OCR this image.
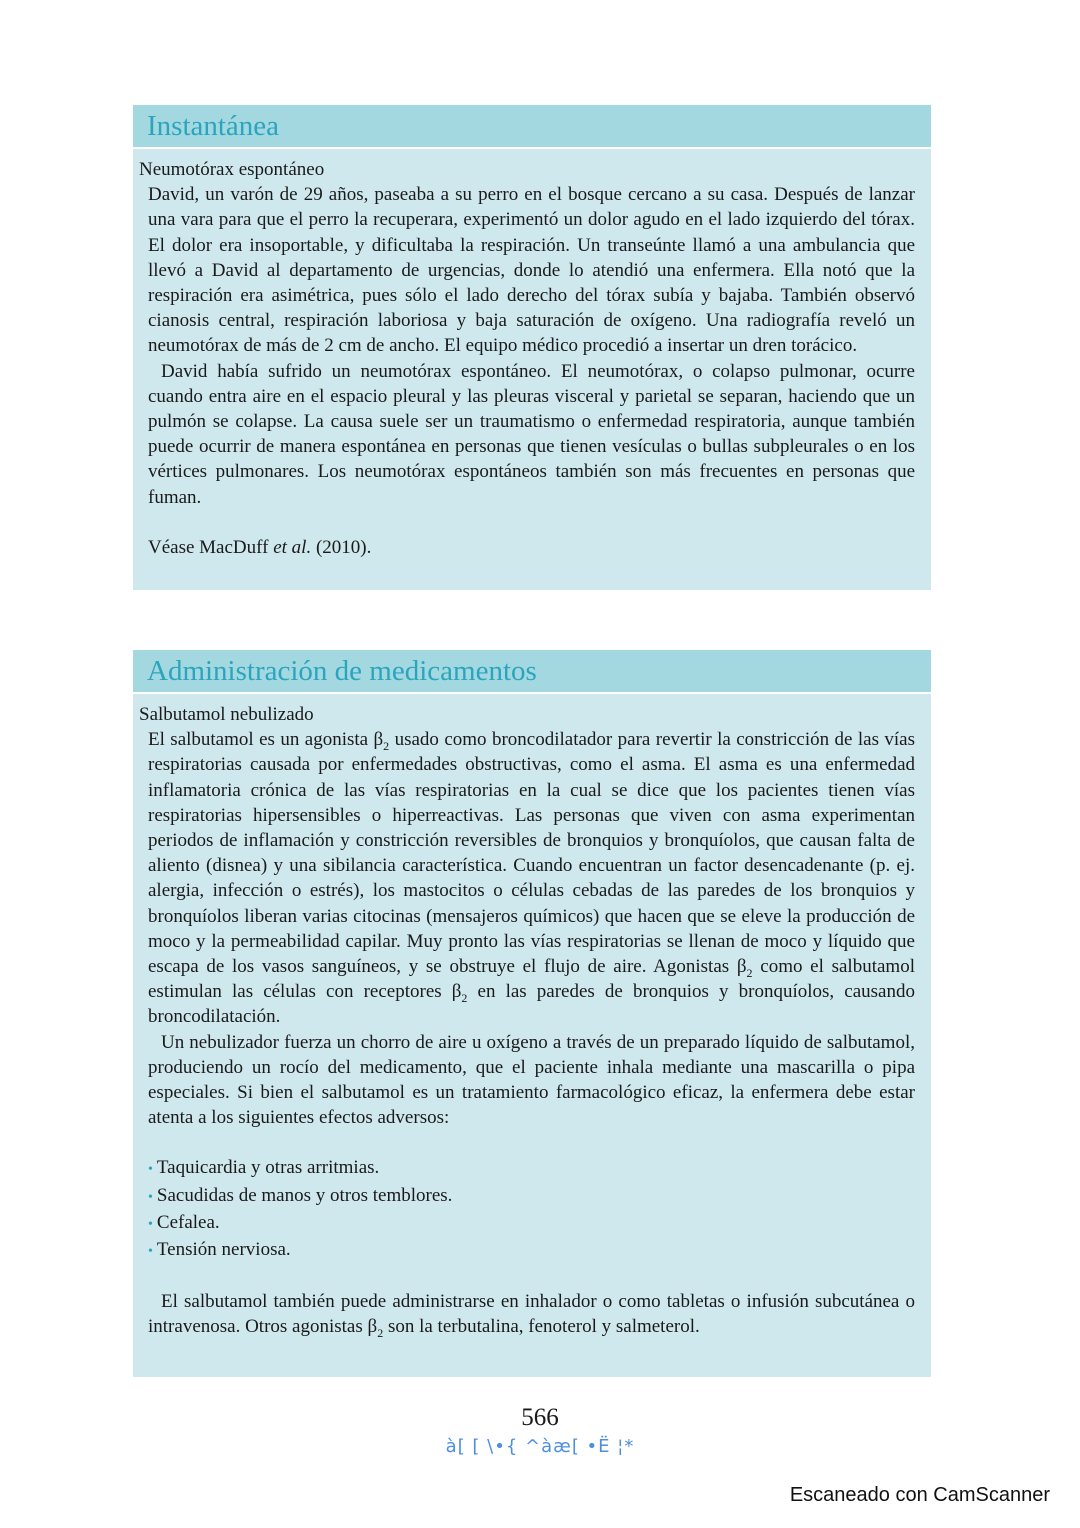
Instantánea
Neumotórax espontáneo

David, un varón de 29 años, paseaba a su perro en el bosque cercano a su casa. Después de lanzar una vara para que el perro la recuperara, experimentó un dolor agudo en el lado izquierdo del tórax. El dolor era insoportable, y dificultaba la respiración. Un transeúnte llamó a una ambulancia que llevó a David al departamento de urgencias, donde lo atendió una enfermera. Ella notó que la respiración era asimétrica, pues sólo el lado derecho del tórax subía y bajaba. También observó cianosis central, respiración laboriosa y baja saturación de oxígeno. Una radiografía reveló un neumotórax de más de 2 cm de ancho. El equipo médico procedió a insertar un dren torácico.

David había sufrido un neumotórax espontáneo. El neumotórax, o colapso pulmonar, ocurre cuando entra aire en el espacio pleural y las pleuras visceral y parietal se separan, haciendo que un pulmón se colapse. La causa suele ser un traumatismo o enfermedad respiratoria, aunque también puede ocurrir de manera espontánea en personas que tienen vesículas o bullas subpleurales o en los vértices pulmonares. Los neumotórax espontáneos también son más frecuentes en personas que fuman.

Véase MacDuff et al. (2010).

Administración de medicamentos
Salbutamol nebulizado

El salbutamol es un agonista $\beta_2$ usado como broncodilatador para revertir la constricción de las vías respiratorias causada por enfermedades obstructivas, como el asma. El asma es una enfermedad inflamatoria crónica de las vías respiratorias en la cual se dice que los pacientes tienen vías respiratorias hipersensibles o hiperreactivas. Las personas que viven con asma experimentan periodos de inflamación y constricción reversibles de bronquios y bronquíolos, que causan falta de aliento (disnea) y una sibilancia característica. Cuando encuentran un factor desencadenante (p. ej. alergia, infección o estrés), los mastocitos o células cebadas de las paredes de los bronquios y bronquíolos liberan varias citocinas (mensajeros químicos) que hacen que se eleve la producción de moco y la permeabilidad capilar. Muy pronto las vías respiratorias se llenan de moco y líquido que escapa de los vasos sanguíneos, y se obstruye el flujo de aire. Agonistas $\beta_2$ como el salbutamol estimulan las células con receptores $\beta_2$ en las paredes de bronquios y bronquíolos, causando broncodilatación.

Un nebulizador fuerza un chorro de aire u oxígeno a través de un preparado líquido de salbutamol, produciendo un rocío del medicamento, que el paciente inhala mediante una mascarilla o pipa especiales. Si bien el salbutamol es un tratamiento farmacológico eficaz, la enfermera debe estar atenta a los siguientes efectos adversos:

• Taquicardia y otras arritmias.
• Sacudidas de manos y otros temblores.
• Cefalea.
• Tensión nerviosa.

El salbutamol también puede administrarse en inhalador o como tabletas o infusión subcutánea o intravenosa. Otros agonistas $\beta_2$ son la terbutalina, fenoterol y salmeterol.

566
à[ [ \•{ ^àæ[ •Ë ¦*
Escaneado con CamScanner
